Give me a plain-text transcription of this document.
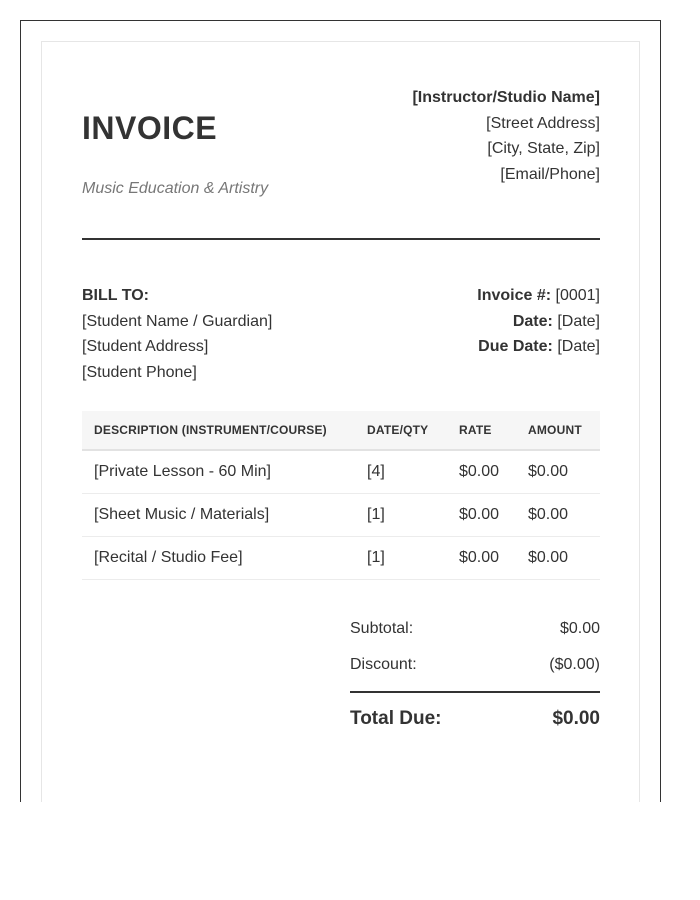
INVOICE
Music Education & Artistry
[Instructor/Studio Name]
[Street Address]
[City, State, Zip]
[Email/Phone]
BILL TO:
[Student Name / Guardian]
[Student Address]
[Student Phone]
Invoice #: [0001]
Date: [Date]
Due Date: [Date]
DESCRIPTION (INSTRUMENT/COURSE)	DATE/QTY	RATE	AMOUNT
[Private Lesson - 60 Min]	[4]	$0.00	$0.00
[Sheet Music / Materials]	[1]	$0.00	$0.00
[Recital / Studio Fee]	[1]	$0.00	$0.00
Subtotal:	$0.00
Discount:	($0.00)
Total Due:	$0.00
